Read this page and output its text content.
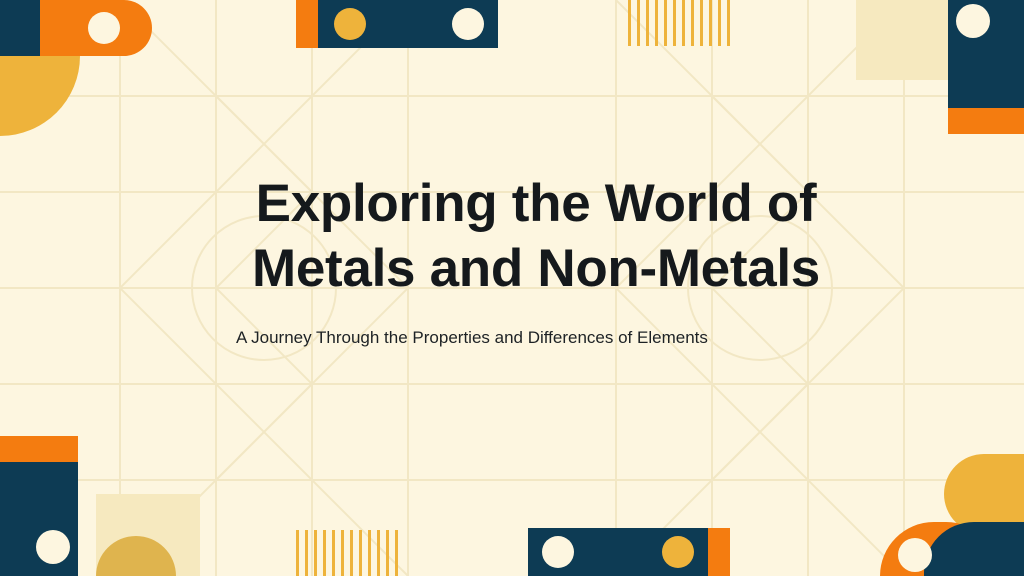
Exploring the World of Metals and Non-Metals

A Journey Through the Properties and Differences of Elements
